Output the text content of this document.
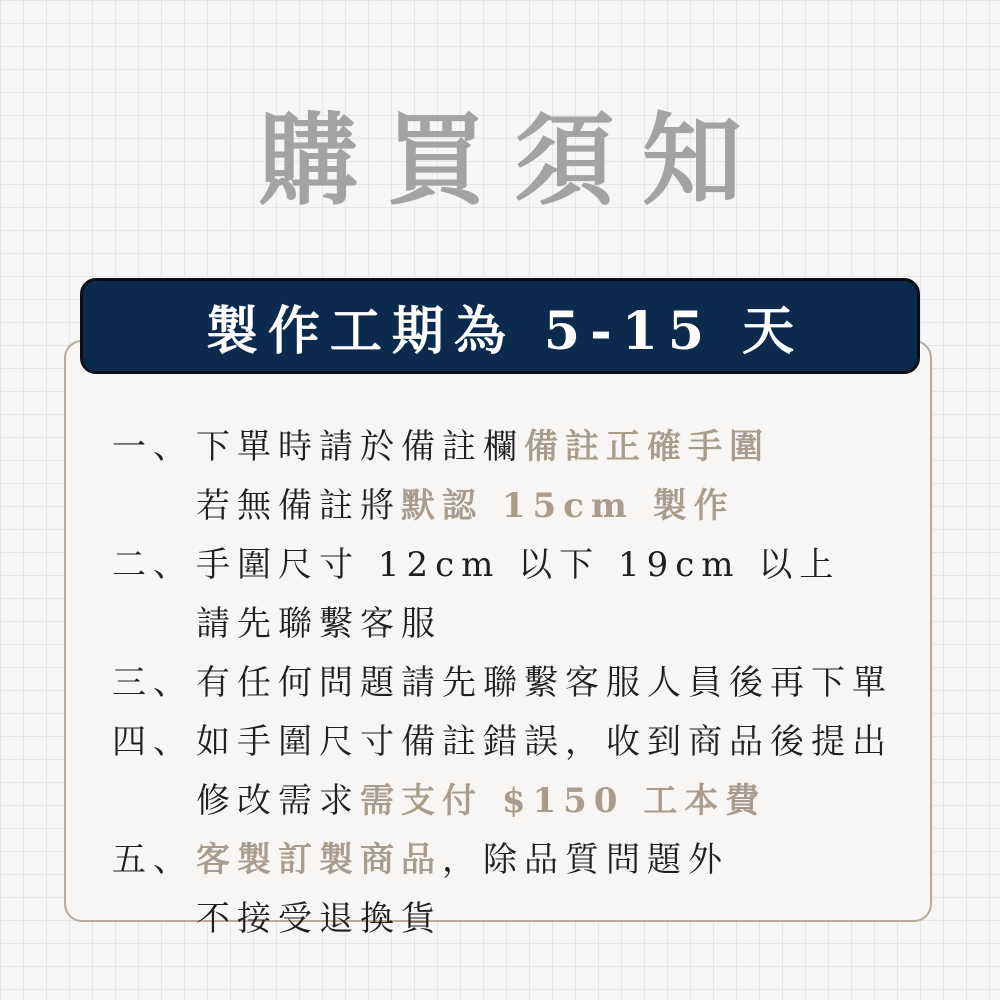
購買須知
製作工期為 5-15 天
一、 下單時請於備註欄備註正確手圍
若無備註將默認 15cm 製作
二、 手圍尺寸 12cm 以下 19cm 以上
請先聯繫客服
三、 有任何問題請先聯繫客服人員後再下單
四、 如手圍尺寸備註錯誤，收到商品後提出
修改需求需支付 $150 工本費
五、 客製訂製商品，除品質問題外
不接受退換貨
